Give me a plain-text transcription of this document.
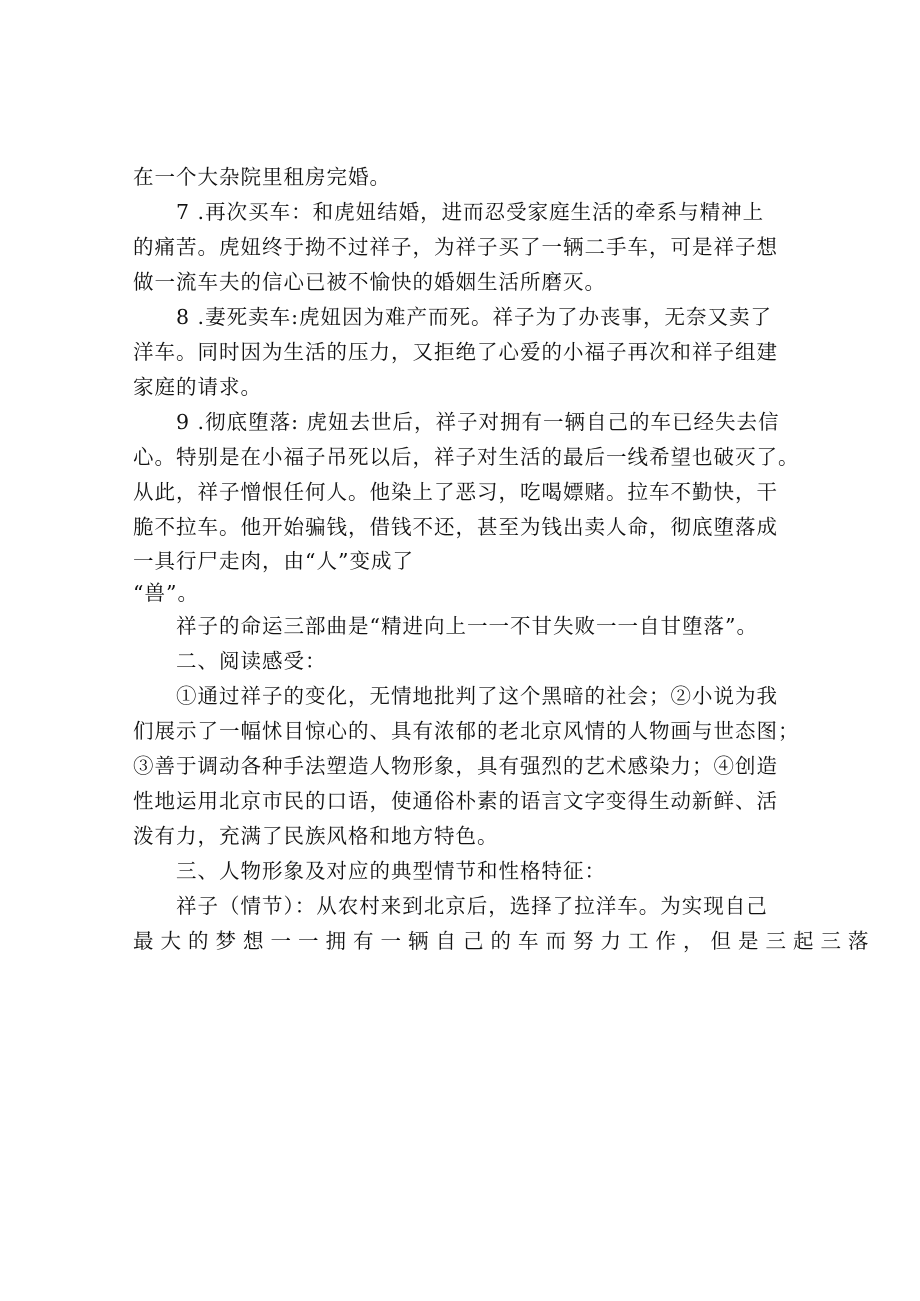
在一个大杂院里租房完婚。
7 .再次买车：和虎妞结婚，进而忍受家庭生活的牵系与精神上
的痛苦。虎妞终于拗不过祥子，为祥子买了一辆二手车，可是祥子想
做一流车夫的信心已被不愉快的婚姻生活所磨灭。
8 .妻死卖车:虎妞因为难产而死。祥子为了办丧事，无奈又卖了
洋车。同时因为生活的压力，又拒绝了心爱的小福子再次和祥子组建
家庭的请求。
9 .彻底堕落: 虎妞去世后，祥子对拥有一辆自己的车已经失去信
心。特别是在小福子吊死以后，祥子对生活的最后一线希望也破灭了。
从此，祥子憎恨任何人。他染上了恶习，吃喝嫖赌。拉车不勤快，干
脆不拉车。他开始骗钱，借钱不还，甚至为钱出卖人命，彻底堕落成
一具行尸走肉，由“人”变成了
“兽”。
祥子的命运三部曲是“精进向上一一不甘失败一一自甘堕落”。
二、阅读感受：
①通过祥子的变化，无情地批判了这个黑暗的社会；②小说为我
们展示了一幅怵目惊心的、具有浓郁的老北京风情的人物画与世态图；
③善于调动各种手法塑造人物形象，具有强烈的艺术感染力；④创造
性地运用北京市民的口语，使通俗朴素的语言文字变得生动新鲜、活
泼有力，充满了民族风格和地方特色。
三、人物形象及对应的典型情节和性格特征：
祥子（情节）：从农村来到北京后，选择了拉洋车。为实现自己
最大的梦想一一拥有一辆自己的车而努力工作，但是三起三落
